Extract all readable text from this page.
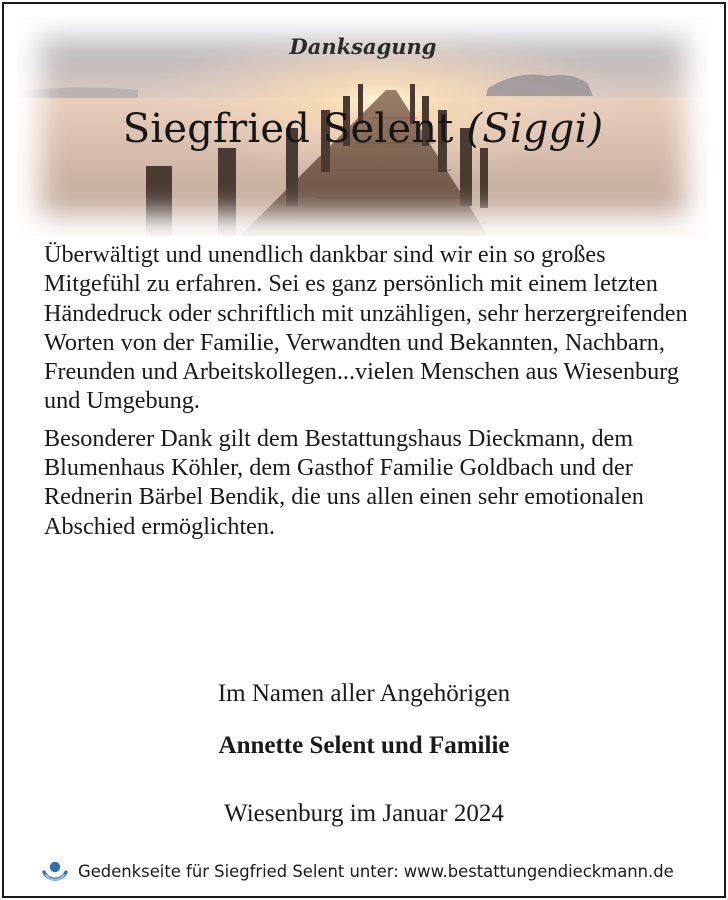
Danksagung
Siegfried Selent (Siggi)

Überwältigt und unendlich dankbar sind wir ein so großes Mitgefühl zu erfahren. Sei es ganz persönlich mit einem letzten Händedruck oder schriftlich mit unzähligen, sehr herzergreifenden Worten von der Familie, Verwandten und Bekannten, Nachbarn, Freunden und Arbeitskollegen...vielen Menschen aus Wiesenburg und Umgebung.

Besonderer Dank gilt dem Bestattungshaus Dieckmann, dem Blumenhaus Köhler, dem Gasthof Familie Goldbach und der Rednerin Bärbel Bendik, die uns allen einen sehr emotionalen Abschied ermöglichten.

Im Namen aller Angehörigen
Annette Selent und Familie
Wiesenburg im Januar 2024
Gedenkseite für Siegfried Selent unter: www.bestattungendieckmann.de
